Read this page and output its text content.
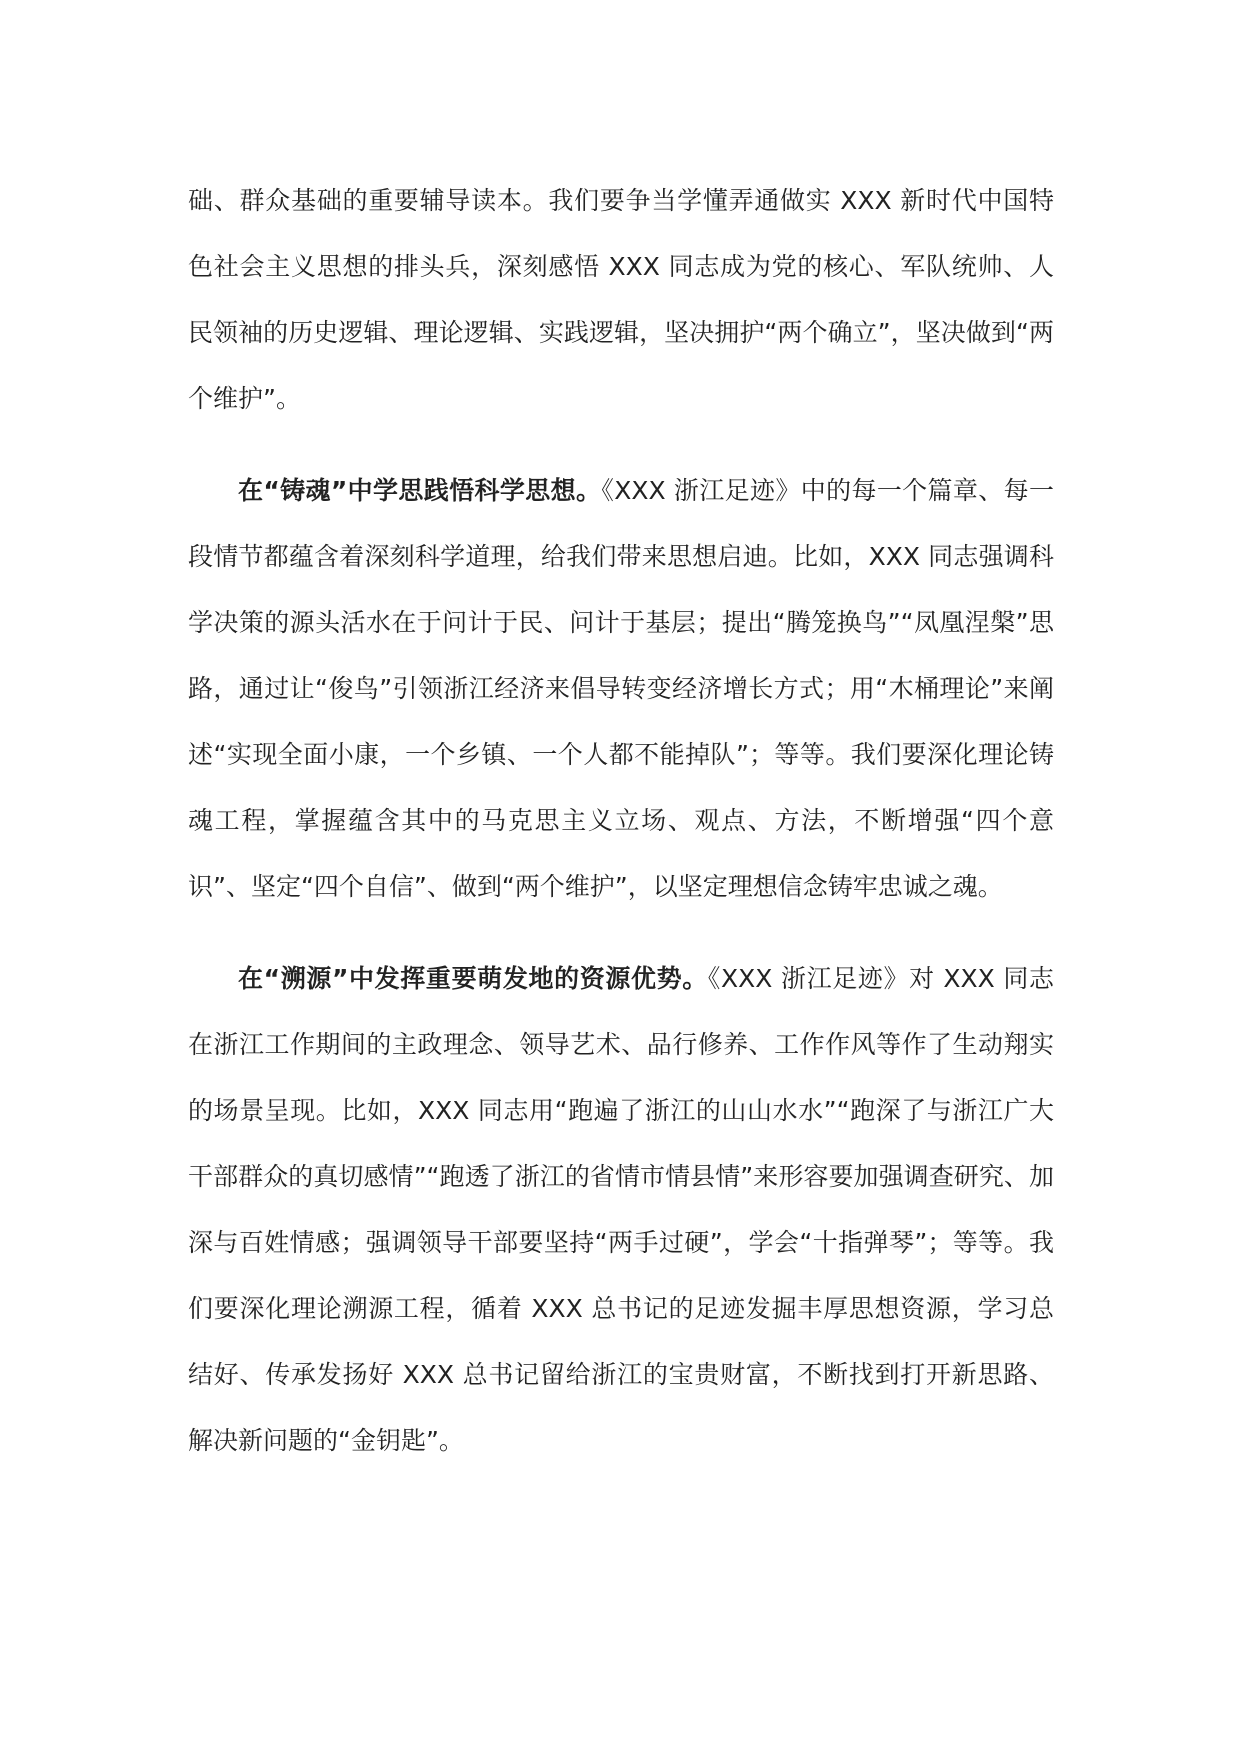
础、群众基础的重要辅导读本。我们要争当学懂弄通做实 XXX 新时代中国特色社会主义思想的排头兵，深刻感悟 XXX 同志成为党的核心、军队统帅、人民领袖的历史逻辑、理论逻辑、实践逻辑，坚决拥护“两个确立”，坚决做到“两个维护”。

在“铸魂”中学思践悟科学思想。《XXX 浙江足迹》中的每一个篇章、每一段情节都蕴含着深刻科学道理，给我们带来思想启迪。比如，XXX 同志强调科学决策的源头活水在于问计于民、问计于基层；提出“腾笼换鸟”“凤凰涅槃”思路，通过让“俊鸟”引领浙江经济来倡导转变经济增长方式；用“木桶理论”来阐述“实现全面小康，一个乡镇、一个人都不能掉队”；等等。我们要深化理论铸魂工程，掌握蕴含其中的马克思主义立场、观点、方法，不断增强“四个意识”、坚定“四个自信”、做到“两个维护”，以坚定理想信念铸牢忠诚之魂。

在“溯源”中发挥重要萌发地的资源优势。《XXX 浙江足迹》对 XXX 同志在浙江工作期间的主政理念、领导艺术、品行修养、工作作风等作了生动翔实的场景呈现。比如，XXX 同志用“跑遍了浙江的山山水水”“跑深了与浙江广大干部群众的真切感情”“跑透了浙江的省情市情县情”来形容要加强调查研究、加深与百姓情感；强调领导干部要坚持“两手过硬”，学会“十指弹琴”；等等。我们要深化理论溯源工程，循着 XXX 总书记的足迹发掘丰厚思想资源，学习总结好、传承发扬好 XXX 总书记留给浙江的宝贵财富，不断找到打开新思路、解决新问题的“金钥匙”。
